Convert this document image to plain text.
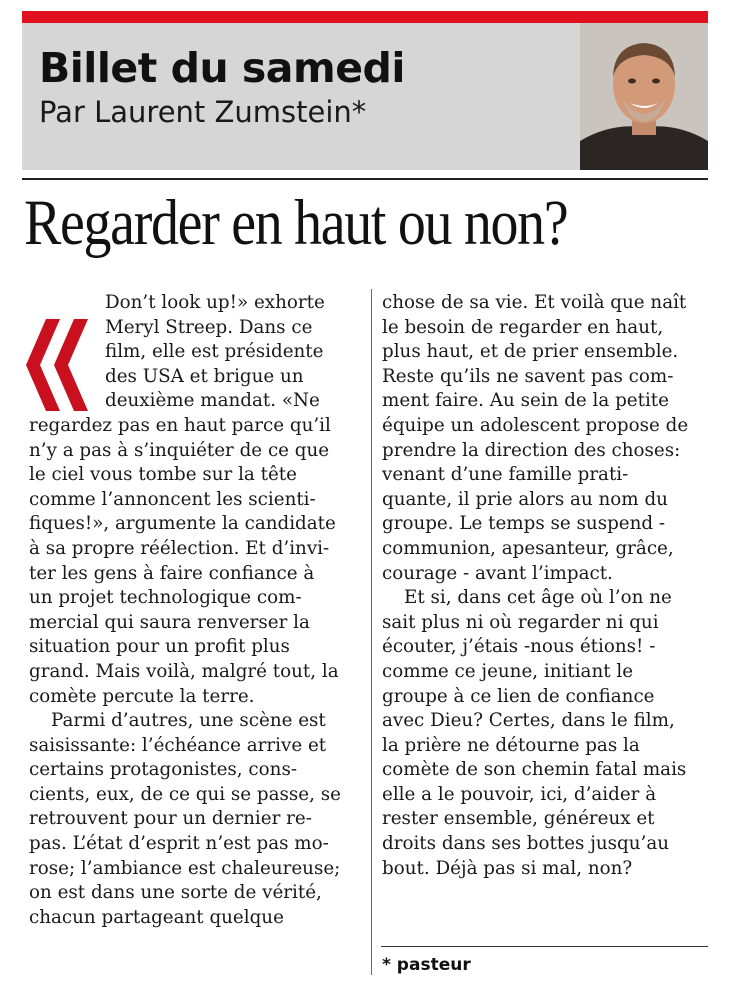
Billet du samedi
Par Laurent Zumstein*
Regarder en haut ou non?
Don’t look up!» exhorte
Meryl Streep. Dans ce
film, elle est présidente
des USA et brigue un
deuxième mandat. «Ne
regardez pas en haut parce qu’il
n’y a pas à s’inquiéter de ce que
le ciel vous tombe sur la tête
comme l’annoncent les scienti-
fiques!», argumente la candidate
à sa propre réélection. Et d’invi-
ter les gens à faire confiance à
un projet technologique com-
mercial qui saura renverser la
situation pour un profit plus
grand. Mais voilà, malgré tout, la
comète percute la terre.
Parmi d’autres, une scène est
saisissante: l’échéance arrive et
certains protagonistes, cons-
cients, eux, de ce qui se passe, se
retrouvent pour un dernier re-
pas. L’état d’esprit n’est pas mo-
rose; l’ambiance est chaleureuse;
on est dans une sorte de vérité,
chacun partageant quelque
chose de sa vie. Et voilà que naît
le besoin de regarder en haut,
plus haut, et de prier ensemble.
Reste qu’ils ne savent pas com-
ment faire. Au sein de la petite
équipe un adolescent propose de
prendre la direction des choses:
venant d’une famille prati-
quante, il prie alors au nom du
groupe. Le temps se suspend -
communion, apesanteur, grâce,
courage - avant l’impact.
Et si, dans cet âge où l’on ne
sait plus ni où regarder ni qui
écouter, j’étais -nous étions! -
comme ce jeune, initiant le
groupe à ce lien de confiance
avec Dieu? Certes, dans le film,
la prière ne détourne pas la
comète de son chemin fatal mais
elle a le pouvoir, ici, d’aider à
rester ensemble, généreux et
droits dans ses bottes jusqu’au
bout. Déjà pas si mal, non?
* pasteur
